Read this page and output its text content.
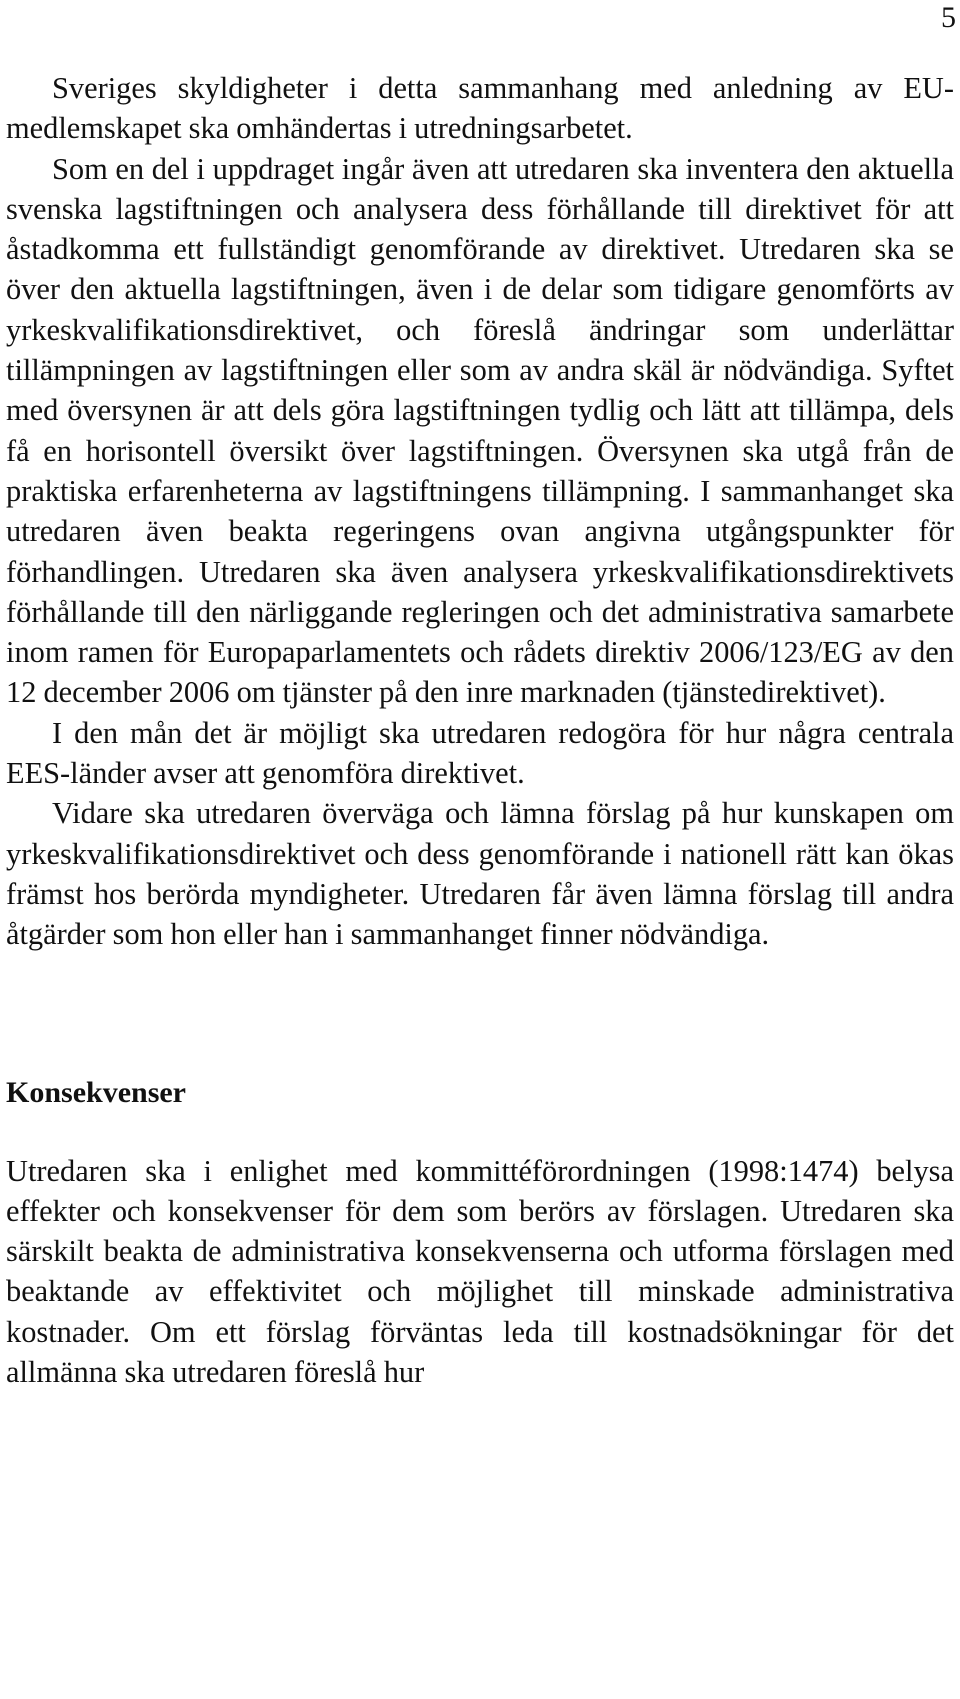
5

Sveriges skyldigheter i detta sammanhang med anledning av EU-medlemskapet ska omhändertas i utredningsarbetet.

Som en del i uppdraget ingår även att utredaren ska inventera den aktuella svenska lagstiftningen och analysera dess förhållande till direktivet för att åstadkomma ett fullständigt genomförande av direktivet. Utredaren ska se över den aktuella lagstiftningen, även i de delar som tidigare genomförts av yrkeskvalifikationsdirektivet, och föreslå ändringar som underlättar tillämpningen av lagstiftningen eller som av andra skäl är nödvändiga. Syftet med översynen är att dels göra lagstiftningen tydlig och lätt att tillämpa, dels få en horisontell översikt över lagstiftningen. Översynen ska utgå från de praktiska erfarenheterna av lagstiftningens tillämpning. I sammanhanget ska utredaren även beakta regeringens ovan angivna utgångspunkter för förhandlingen. Utredaren ska även analysera yrkeskvalifikationsdirektivets förhållande till den närliggande regleringen och det administrativa samarbete inom ramen för Europaparlamentets och rådets direktiv 2006/123/EG av den 12 december 2006 om tjänster på den inre marknaden (tjänstedirektivet).

I den mån det är möjligt ska utredaren redogöra för hur några centrala EES-länder avser att genomföra direktivet.

Vidare ska utredaren överväga och lämna förslag på hur kunskapen om yrkeskvalifikationsdirektivet och dess genomförande i nationell rätt kan ökas främst hos berörda myndigheter. Utredaren får även lämna förslag till andra åtgärder som hon eller han i sammanhanget finner nödvändiga.

Konsekvenser

Utredaren ska i enlighet med kommittéförordningen (1998:1474) belysa effekter och konsekvenser för dem som berörs av förslagen. Utredaren ska särskilt beakta de administrativa konsekvenserna och utforma förslagen med beaktande av effektivitet och möjlighet till minskade administrativa kostnader. Om ett förslag förväntas leda till kostnadsökningar för det allmänna ska utredaren föreslå hur
